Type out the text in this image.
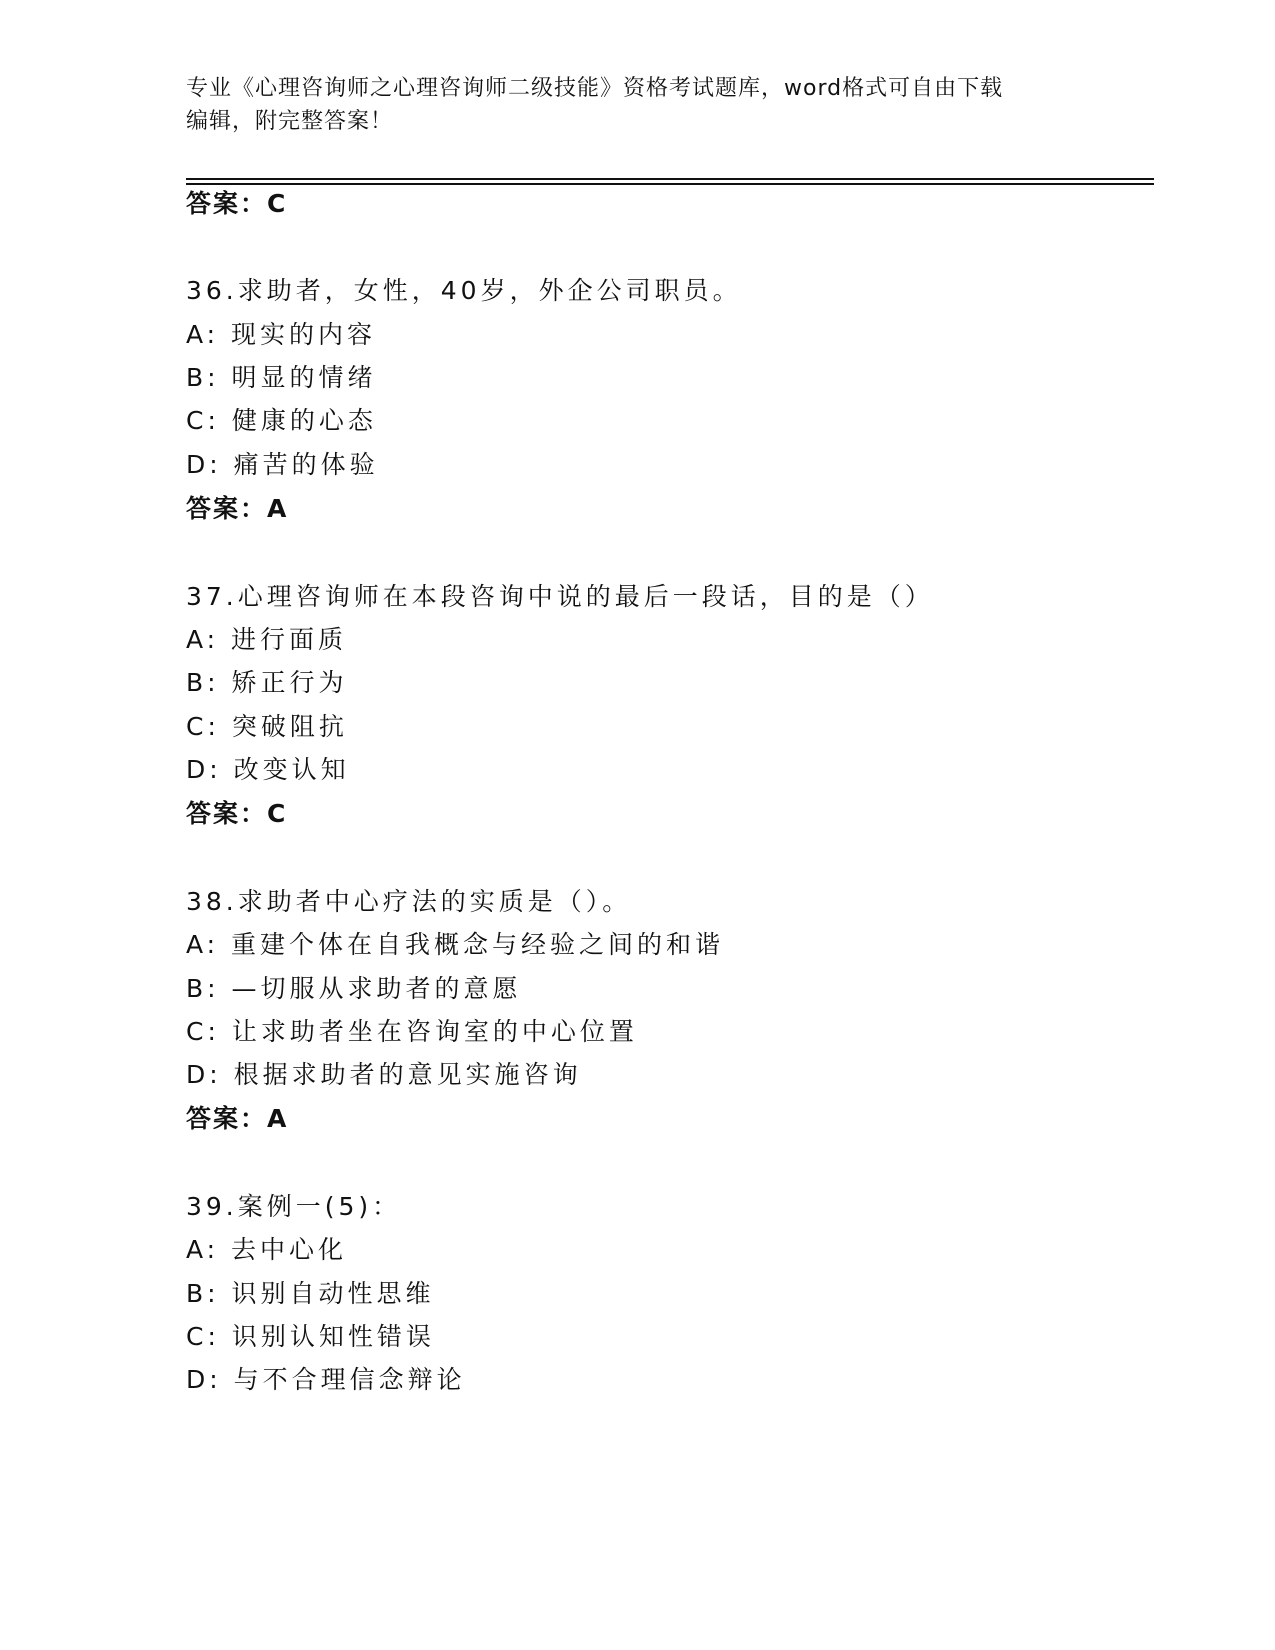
专业《心理咨询师之心理咨询师二级技能》资格考试题库，word格式可自由下载
编辑，附完整答案！
答案：C
36.求助者，女性，40岁，外企公司职员。
A: 现实的内容
B: 明显的情绪
C: 健康的心态
D: 痛苦的体验
答案：A
37.心理咨询师在本段咨询中说的最后一段话，目的是（）
A: 进行面质
B: 矫正行为
C: 突破阻抗
D: 改变认知
答案：C
38.求助者中心疗法的实质是（）。
A: 重建个体在自我概念与经验之间的和谐
B: —切服从求助者的意愿
C: 让求助者坐在咨询室的中心位置
D: 根据求助者的意见实施咨询
答案：A
39.案例一(5)：
A: 去中心化
B: 识别自动性思维
C: 识别认知性错误
D: 与不合理信念辩论
